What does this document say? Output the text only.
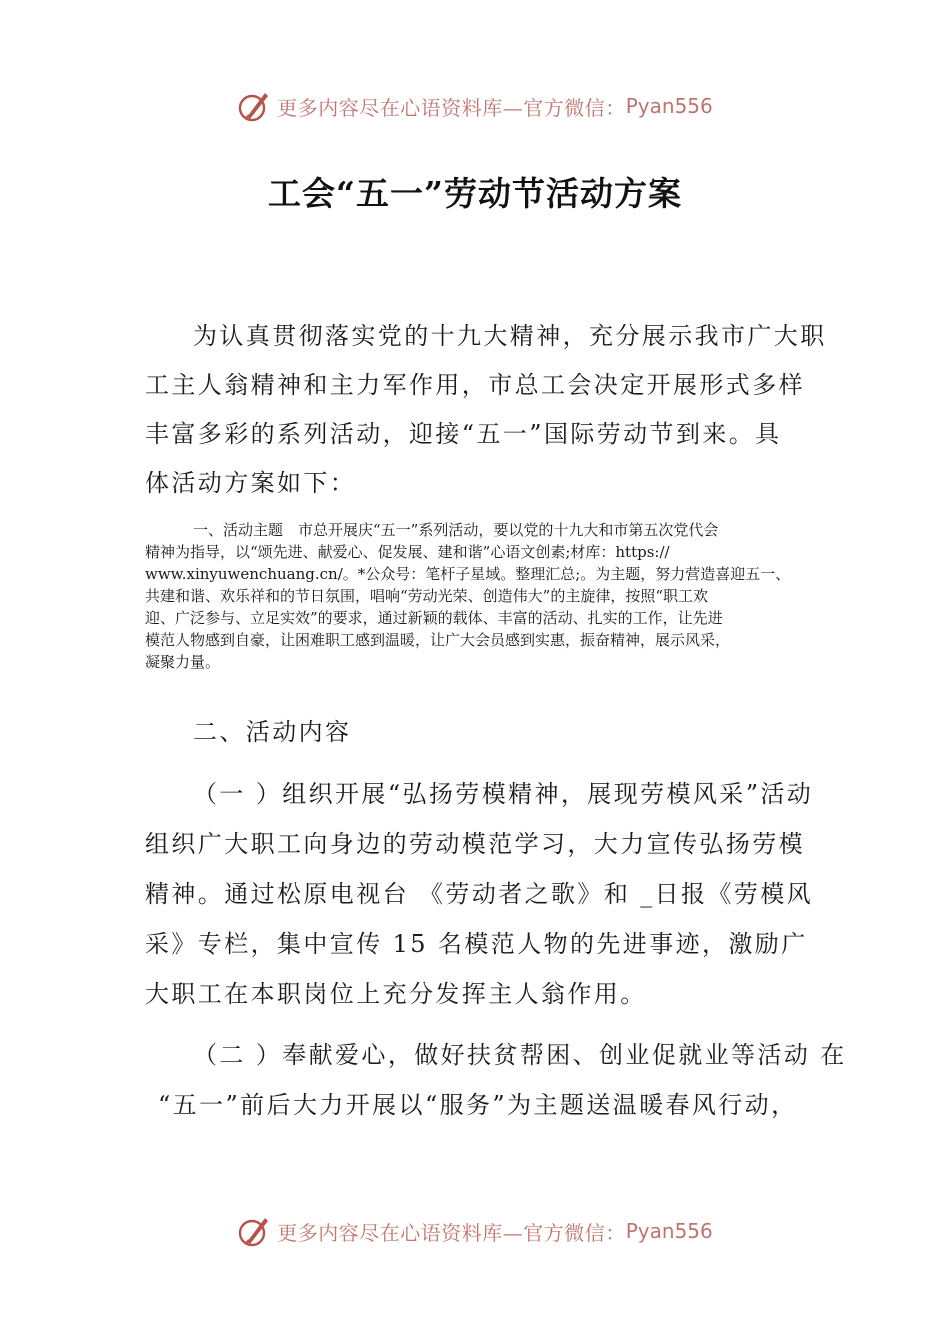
更多内容尽在心语资料库—官方微信： Pyan556
工会“五一”劳动节活动方案

为认真贯彻落实党的十九大精神，充分展示我市广大职

工主人翁精神和主力军作用，市总工会决定开展形式多样

丰富多彩的系列活动，迎接“五一”国际劳动节到来。具

体活动方案如下：

一、活动主题　市总开展庆“五一”系列活动，要以党的十九大和市第五次党代会
精神为指导，以“颂先进、献爱心、促发展、建和谐”心语文创素;材库：https://
www.xinyuwenchuang.cn/。*公众号：笔杆子星域。整理汇总;。为主题，努力营造喜迎五一、
共建和谐、欢乐祥和的节日氛围，唱响“劳动光荣、创造伟大”的主旋律，按照“职工欢
迎、广泛参与、立足实效”的要求，通过新颖的载体、丰富的活动、扎实的工作，让先进
模范人物感到自豪，让困难职工感到温暖，让广大会员感到实惠，振奋精神，展示风采，
凝聚力量。

二、活动内容

（一 ）组织开展“弘扬劳模精神，展现劳模风采”活动

组织广大职工向身边的劳动模范学习，大力宣传弘扬劳模

精神。通过松原电视台 《劳动者之歌》和 _日报《劳模风

采》专栏，集中宣传 15 名模范人物的先进事迹，激励广

大职工在本职岗位上充分发挥主人翁作用。

（二 ）奉献爱心，做好扶贫帮困、创业促就业等活动 在

“五一”前后大力开展以“服务”为主题送温暖春风行动，

更多内容尽在心语资料库—官方微信： Pyan556
